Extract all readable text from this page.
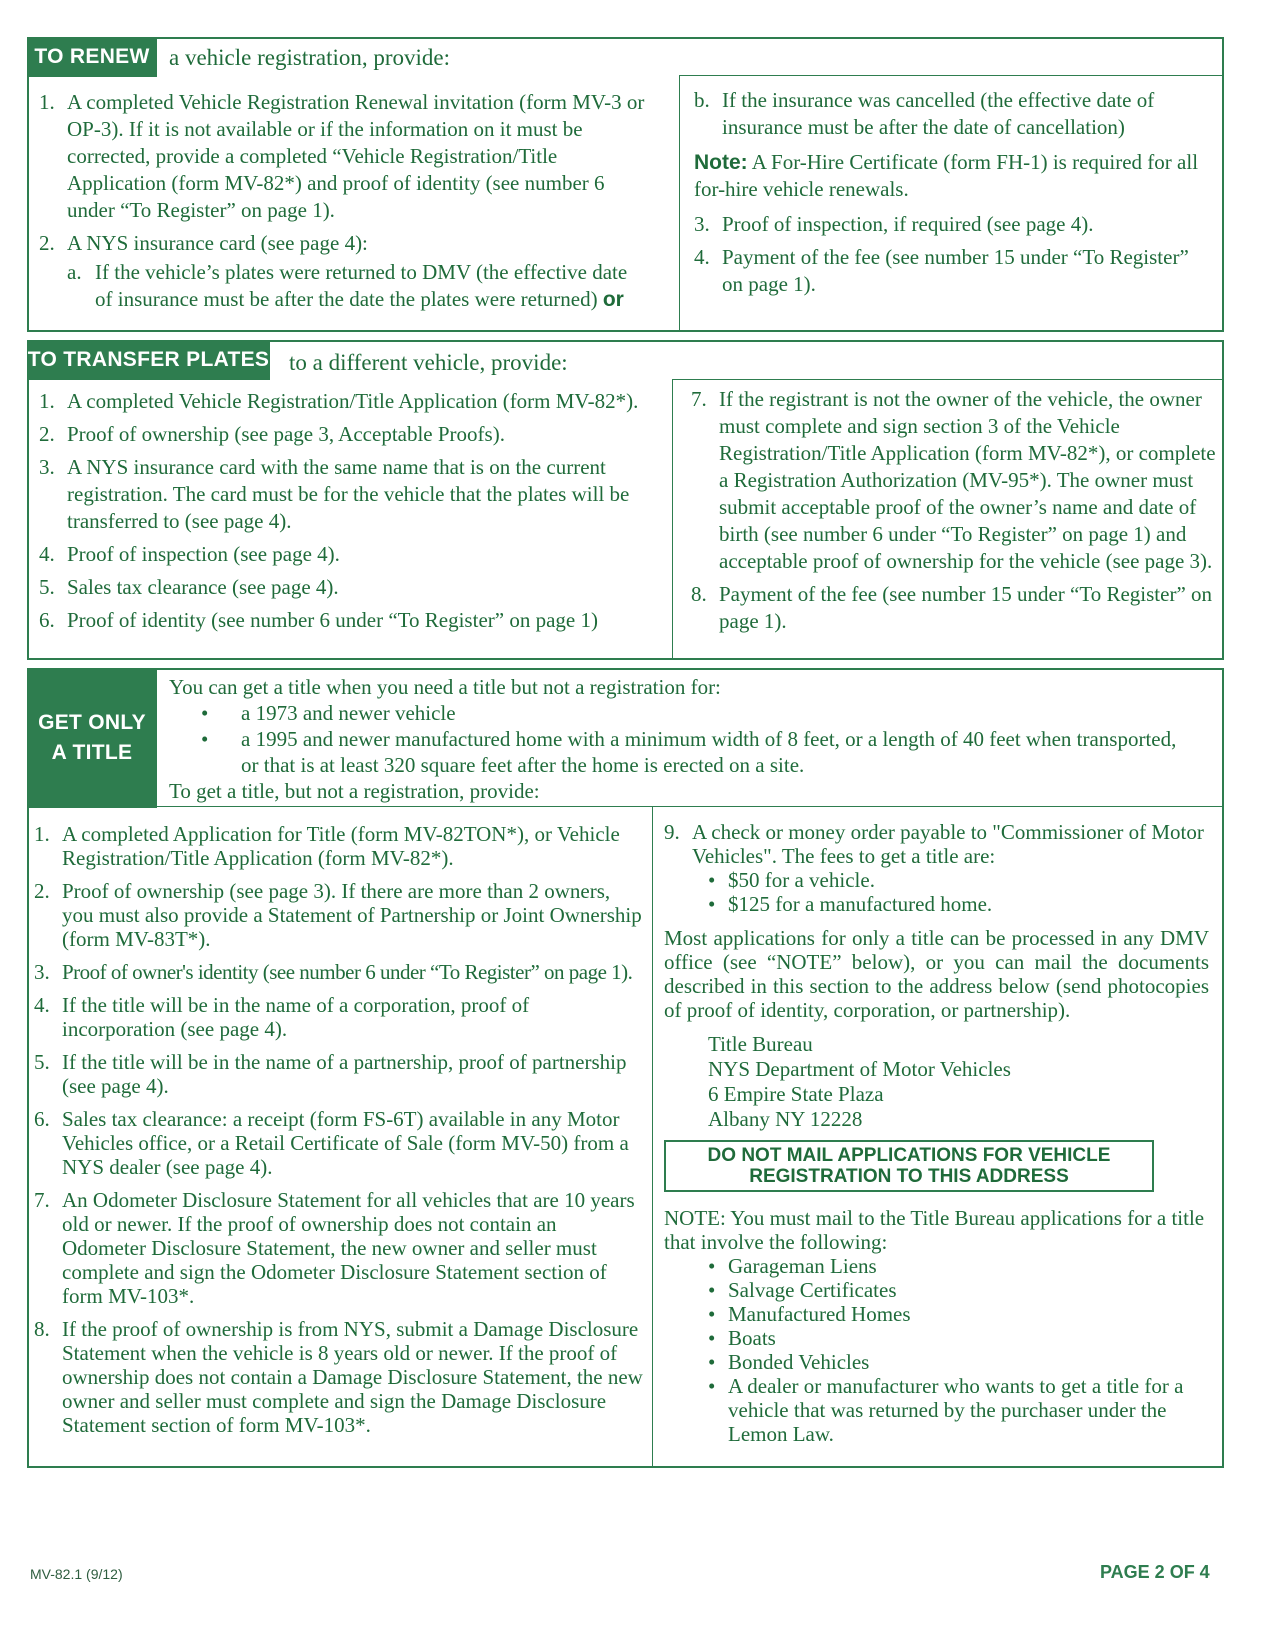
TO RENEW a vehicle registration, provide:
1. A completed Vehicle Registration Renewal invitation (form MV-3 or OP-3). If it is not available or if the information on it must be corrected, provide a completed “Vehicle Registration/Title Application (form MV-82*) and proof of identity (see number 6 under “To Register” on page 1).
2. A NYS insurance card (see page 4):
a. If the vehicle’s plates were returned to DMV (the effective date of insurance must be after the date the plates were returned) or
b. If the insurance was cancelled (the effective date of insurance must be after the date of cancellation)
Note: A For-Hire Certificate (form FH-1) is required for all for-hire vehicle renewals.
3. Proof of inspection, if required (see page 4).
4. Payment of the fee (see number 15 under “To Register” on page 1).
TO TRANSFER PLATES to a different vehicle, provide:
1. A completed Vehicle Registration/Title Application (form MV-82*).
2. Proof of ownership (see page 3, Acceptable Proofs).
3. A NYS insurance card with the same name that is on the current registration. The card must be for the vehicle that the plates will be transferred to (see page 4).
4. Proof of inspection (see page 4).
5. Sales tax clearance (see page 4).
6. Proof of identity (see number 6 under “To Register” on page 1)
7. If the registrant is not the owner of the vehicle, the owner must complete and sign section 3 of the Vehicle Registration/Title Application (form MV-82*), or complete a Registration Authorization (MV-95*). The owner must submit acceptable proof of the owner’s name and date of birth (see number 6 under “To Register” on page 1) and acceptable proof of ownership for the vehicle (see page 3).
8. Payment of the fee (see number 15 under “To Register” on page 1).
GET ONLY
A TITLE
You can get a title when you need a title but not a registration for:
• a 1973 and newer vehicle
• a 1995 and newer manufactured home with a minimum width of 8 feet, or a length of 40 feet when transported, or that is at least 320 square feet after the home is erected on a site.
To get a title, but not a registration, provide:
1. A completed Application for Title (form MV-82TON*), or Vehicle Registration/Title Application (form MV-82*).
2. Proof of ownership (see page 3). If there are more than 2 owners, you must also provide a Statement of Partnership or Joint Ownership (form MV-83T*).
3. Proof of owner's identity (see number 6 under “To Register” on page 1).
4. If the title will be in the name of a corporation, proof of incorporation (see page 4).
5. If the title will be in the name of a partnership, proof of partnership (see page 4).
6. Sales tax clearance: a receipt (form FS-6T) available in any Motor Vehicles office, or a Retail Certificate of Sale (form MV-50) from a NYS dealer (see page 4).
7. An Odometer Disclosure Statement for all vehicles that are 10 years old or newer. If the proof of ownership does not contain an Odometer Disclosure Statement, the new owner and seller must complete and sign the Odometer Disclosure Statement section of form MV-103*.
8. If the proof of ownership is from NYS, submit a Damage Disclosure Statement when the vehicle is 8 years old or newer. If the proof of ownership does not contain a Damage Disclosure Statement, the new owner and seller must complete and sign the Damage Disclosure Statement section of form MV-103*.
9. A check or money order payable to "Commissioner of Motor Vehicles". The fees to get a title are:
• $50 for a vehicle.
• $125 for a manufactured home.
Most applications for only a title can be processed in any DMV office (see “NOTE” below), or you can mail the documents described in this section to the address below (send photocopies of proof of identity, corporation, or partnership).
Title Bureau
NYS Department of Motor Vehicles
6 Empire State Plaza
Albany NY 12228
DO NOT MAIL APPLICATIONS FOR VEHICLE REGISTRATION TO THIS ADDRESS
NOTE: You must mail to the Title Bureau applications for a title that involve the following:
• Garageman Liens
• Salvage Certificates
• Manufactured Homes
• Boats
• Bonded Vehicles
• A dealer or manufacturer who wants to get a title for a vehicle that was returned by the purchaser under the Lemon Law.
MV-82.1 (9/12)	PAGE 2 OF 4
